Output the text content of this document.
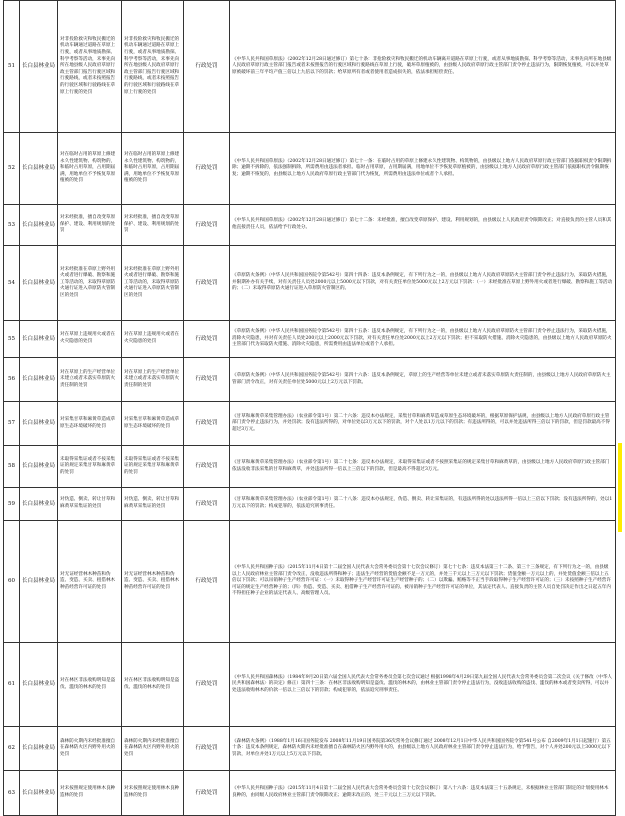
51	长白县林业局	对非投险救灾和牧民搬迁的机动车辆通过道路在草原上行驶，或者从事地质勘探、科学考察等活动，未事先向所在地县级人民政府草原行政主管部门报告行驶区域和行驶路线，或者未按照报告的行驶区域和行驶路线在草原上行驶的处罚	对非投险救灾和牧民搬迁的机动车辆通过道路在草原上行驶，或者从事地质勘探、科学考察等活动，未事先向所在地县级人民政府草原行政主管部门报告行驶区域和行驶路线，或者未按照报告的行驶区域和行驶路线在草原上行驶的处罚	行政处罚	《中华人民共和国草原法》（2002年12月28日通过修订）第七十条：非抢险救灾和牧民搬迁的机动车辆离开道路在草原上行驶，或者从事地质勘探、科学考察等活动，未事先向所在地县级人民政府草原行政主管部门报告或者未按照报告的行驶区域和行驶路线在草原上行驶，破坏草原植被的，由县级人民政府草原行政主管部门责令停止违法行为，限期恢复植被，可以并处草原被破坏前三年平均产值三倍以上九倍以下的罚款；给草原所有者或者使用者造成损失的，依法承担赔偿责任。
52	长白县林业局	对在临时占用的草原上修建永久性建筑物、构筑物的，和临时占用草原，占用期届满，用地单位不予恢复草原植被的处罚	对在临时占用的草原上修建永久性建筑物、构筑物的，和临时占用草原，占用期届满，用地单位不予恢复草原植被的处罚	行政处罚	《中华人民共和国草原法》（2002年12月28日通过修订）第七十一条：在临时占用的草原上修建永久性建筑物、构筑物的，由县级以上地方人民政府草原行政主管部门依据职权责令限期拆除；逾期不拆除的，依法强制拆除，所需费用由违法者承担。临时占用草原，占用期届满，用地单位不予恢复草原植被的，由县级以上地方人民政府草原行政主管部门依据职权责令限期恢复；逾期不恢复的，由县级以上地方人民政府草原行政主管部门代为恢复，所需费用由违法单位或者个人承担。
53	长白县林业局	对未经批准，擅自改变草原保护、建设、利用规划的处罚	对未经批准，擅自改变草原保护、建设、利用规划的处罚	行政处罚	《中华人民共和国草原法》（2002年12月28日通过修订）第七十二条：未经批准，擅自改变草原保护、建设、利用规划的，由县级以上人民政府责令限期改正；对直接负责的主管人员和其他直接责任人员，依法给予行政处分。
54	长白县林业局	对未经批准在草原上野外用火或者进行爆破、勘察和施工等活动的，未取得草原防火通行证进入草原防火管制区的处罚	对未经批准在草原上野外用火或者进行爆破、勘察和施工等活动的，未取得草原防火通行证进入草原防火管制区的处罚	行政处罚	《草原防火条例》（中华人民共和国国务院令第542号）第四十四条：违反本条例规定，有下列行为之一的，由县级以上地方人民政府草原防火主管部门责令停止违法行为，采取防火措施，并限期补办有关手续，对有关责任人员处2000元以上5000元以下罚款，对有关责任单位处5000元以上2万元以下罚款：（一）未经批准在草原上野外用火或者进行爆破、勘察和施工等活动的；（二）未取得草原防火通行证进入草原防火管制区的。
55	长白县林业局	对在草原上违规用火或者在火灾隐患的处罚	对在草原上违规用火或者在火灾隐患的处罚	行政处罚	《草原防火条例》（中华人民共和国国务院令第542号）第四十五条：违反本条例规定，有下列行为之一的，由县级以上地方人民政府草原防火主管部门责令停止违法行为，采取防火措施，消除火灾隐患，并对有关责任人员处200元以上2000元以下罚款，对有关责任单位处2000元以上2万元以下罚款；拒不采取防火措施、消除火灾隐患的，由县级以上地方人民政府草原防火主管部门代为采取防火措施、消除火灾隐患，所需费用由违法单位或者个人承担。
56	长白县林业局	对在草原上的生产经营单位未建立或者未落实草原防火责任制的处罚	对在草原上的生产经营单位未建立或者未落实草原防火责任制的处罚	行政处罚	《草原防火条例》（中华人民共和国国务院令第542号）第四十六条：违反本条例规定，草原上的生产经营等单位未建立或者未落实草原防火责任制的，由县级以上地方人民政府草原防火主管部门责令改正，对有关责任单位处5000元以上2万元以下罚款。
57	长白县林业局	对采集甘草和麻黄草造成草原生态环境破坏的处罚	对采集甘草和麻黄草造成草原生态环境破坏的处罚	行政处罚	《甘草和麻黄草采集管理办法》（农业部令第1号）第二十六条：违反本办法规定，采集甘草和麻黄草造成草原生态环境破坏的，根据草原保护法规，由县级以上地方人民政府草原行政主管部门责令停止违法行为，并处罚款；没有违法所得的，对单位处以3万元以下的罚款，对个人处以1万元以下的罚款；有违法所得的，可以并处违法所得三倍以下的罚款，但是罚款最高不得超过3万元。
58	长白县林业局	未取得采集证或者不按采集证的规定采集甘草和麻黄草的处罚	未取得采集证或者不按采集证的规定采集甘草和麻黄草的处罚	行政处罚	《甘草和麻黄草采集管理办法》（农业部令第1号）第二十七条：违反本办法规定，未取得采集证或者不按照采集证的规定采集甘草和麻黄草的，由县级以上地方人民政府草原行政主管部门依法没收非法采集的甘草和麻黄草，并处违法所得一倍以上三倍以下的罚款，但是最高不得超过3万元。
59	长白县林业局	对伪造、倒卖、转让甘草和麻黄草采集证的处罚	对伪造、倒卖、转让甘草和麻黄草采集证的处罚	行政处罚	《甘草和麻黄草采集管理办法》（农业部令第1号）第二十八条：违反本办法规定，伪造、倒卖、转让采集证的，有违法所得的处以违法所得一倍以上三倍以下罚款；没有违法所得的，处以1万元以下的罚款；构成犯罪的，依法追究刑事责任。
60	长白县林业局	对无证经营林木种苗和伪造、变造、买卖、租借林木种苗经营许可证的处罚	对无证经营林木种苗和伪造、变造、买卖、租借林木种苗经营许可证的处罚	行政处罚	《中华人民共和国种子法》（2015年11月4日第十二届全国人民代表大会常务委员会第十七次会议修订）第七十七条：违反本法第三十二条、第三十三条规定，有下列行为之一的，由县级以上人民政府林业主管部门责令改正，没收违法所得和种子；违法生产经营的货值金额不足一万元的，并处三千元以上三万元以下罚款；货值金额一万元以上的，并处货值金额三倍以上五倍以下罚款；可以吊销种子生产经营许可证：（一）未取得种子生产经营许可证生产经营种子的；（二）以欺骗、贿赂等不正当手段取得种子生产经营许可证的；（三）未按照种子生产经营许可证的规定生产经营种子的；（四）伪造、变造、买卖、租借种子生产经营许可证的。被吊销种子生产经营许可证的单位，其法定代表人、直接负责的主管人员自处罚决定作出之日起五年内不得担任种子企业的法定代表人、高级管理人员。
61	长白县林业局	对在林区非法收购明知是盗伐、滥伐的林木的处罚	对在林区非法收购明知是盗伐、滥伐的林木的处罚	行政处罚	《中华人民共和国森林法》（1984年9月20日第六届全国人民代表大会常务委员会第七次会议通过 根据1998年4月29日第九届全国人民代表大会常务委员会第二次会议《关于修改〈中华人民共和国森林法〉的决定》修正）第四十三条：在林区非法收购明知是盗伐、滥伐的林木的，由林业主管部门责令停止违法行为，没收违法收购的盗伐、滥伐的林木或者变卖所得，可以并处违法收购林木的价款一倍以上三倍以下的罚款；构成犯罪的，依法追究刑事责任。
62	长白县林业局	森林防火期内未经批准擅自在森林防火区内野外用火的处罚	森林防火期内未经批准擅自在森林防火区内野外用火的处罚	行政处罚	《森林防火条例》（1988年1月16日国务院发布 2008年11月19日国务院第36次常务会议修订通过 2008年12月1日中华人民共和国国务院令第541号公布 自2009年1月1日起施行）第五十条：违反本条例规定，森林防火期内未经批准擅自在森林防火区内野外用火的，由县级以上地方人民政府林业主管部门责令停止违法行为，给予警告，对个人并处200元以上3000元以下罚款，对单位并处1万元以上5万元以下罚款。
63	长白县林业局	对未按照规定使用林木良种造林的处罚	对未按照规定使用林木良种造林的处罚	行政处罚	《中华人民共和国种子法》（2015年11月4日第十二届全国人民代表大会常务委员会第十七次会议修订）第八十六条：违反本法第三十五条规定，未根据林业主管部门制定的计划使用林木良种的，由同级人民政府林业主管部门责令限期改正；逾期未改正的，处三千元以上三万元以下罚款。
